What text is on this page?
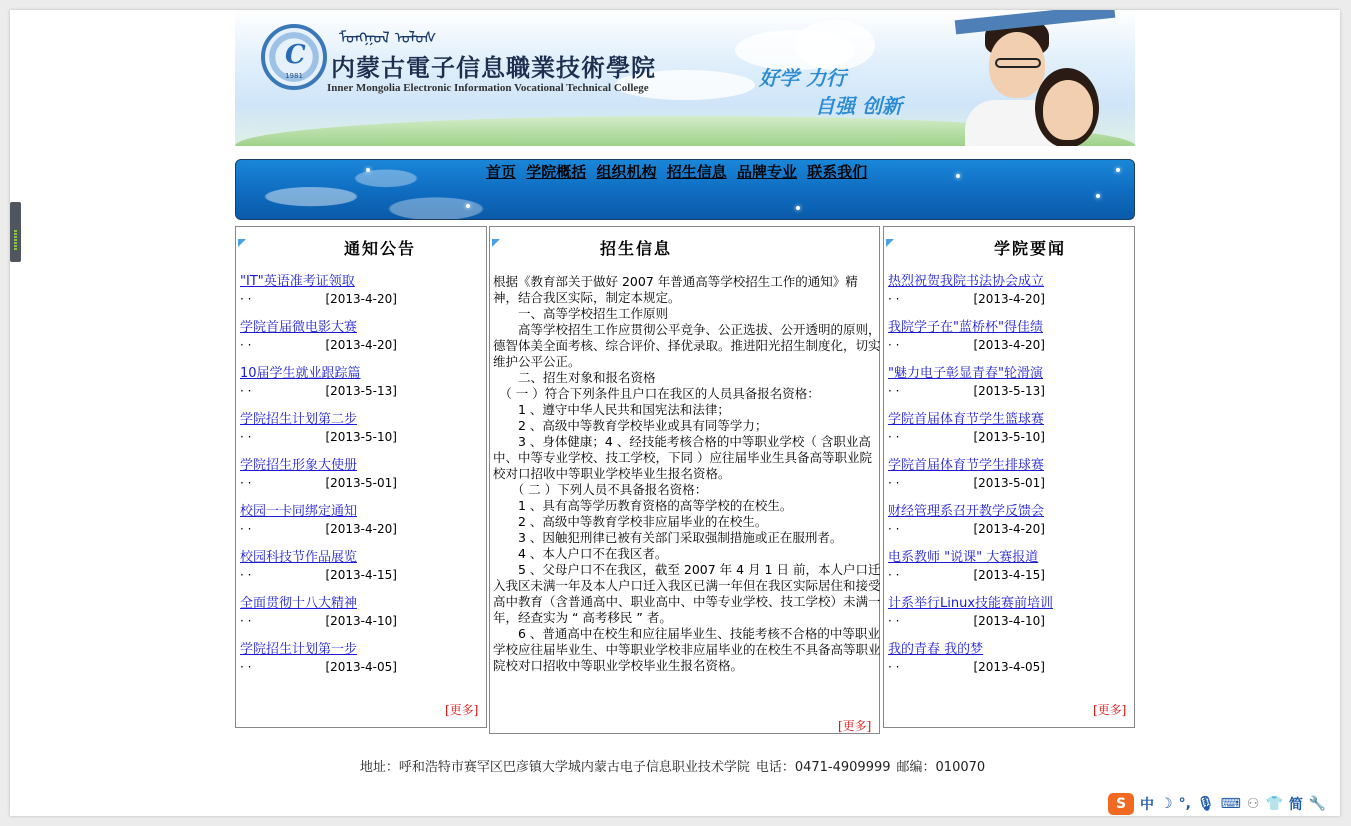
C
1981
ᠮᠣᠩᠭᠣᠯ ᠤᠯᠤᠰ
内蒙古電子信息職業技術學院
Inner Mongolia Electronic Information Vocational Technical College	好学 力行
自强 创新
首页 学院概括 组织机构 招生信息 品牌专业 联系我们
通知公告
"IT"英语准考证领取
· ·	[2013-4-20]
学院首届微电影大赛
· ·	[2013-4-20]
10届学生就业跟踪篇
· ·	[2013-5-13]
学院招生计划第二步
· ·	[2013-5-10]
学院招生形象大使册
· ·	[2013-5-01]
校园一卡同绑定通知
· ·	[2013-4-20]
校园科技节作品展览
· ·	[2013-4-15]
全面贯彻十八大精神
· ·	[2013-4-10]
学院招生计划第一步
· ·	[2013-4-05]
[更多]
招生信息

根据《教育部关于做好 2007 年普通高等学校招生工作的通知》精神，结合我区实际，制定本规定。

　　一、高等学校招生工作原则

　　高等学校招生工作应贯彻公平竞争、公正选拔、公开透明的原则，德智体美全面考核、综合评价、择优录取。推进阳光招生制度化，切实维护公平公正。

　　二、招生对象和报名资格

　（ 一 ）符合下列条件且户口在我区的人员具备报名资格：

　　1 、遵守中华人民共和国宪法和法律；

　　2 、高级中等教育学校毕业或具有同等学力；

　　3 、身体健康；4 、经技能考核合格的中等职业学校（ 含职业高中、中等专业学校、技工学校，下同 ）应往届毕业生具备高等职业院校对口招收中等职业学校毕业生报名资格。

　　（ 二 ）下列人员不具备报名资格：

　　1 、具有高等学历教育资格的高等学校的在校生。

　　2 、高级中等教育学校非应届毕业的在校生。

　　3 、因触犯刑律已被有关部门采取强制措施或正在服刑者。

　　4 、本人户口不在我区者。

　　5 、父母户口不在我区，截至 2007 年 4 月 1 日 前，本人户口迁入我区未满一年及本人户口迁入我区已满一年但在我区实际居住和接受高中教育（含普通高中、职业高中、中等专业学校、技工学校）未满一年，经查实为 “ 高考移民 ” 者。

　　6 、普通高中在校生和应往届毕业生、技能考核不合格的中等职业学校应往届毕业生、中等职业学校非应届毕业的在校生不具备高等职业院校对口招收中等职业学校毕业生报名资格。

[更多]
学院要闻
热烈祝贺我院书法协会成立
· ·	[2013-4-20]
我院学子在"蓝桥杯"得佳绩
· ·	[2013-4-20]
"魅力电子彰显青春"轮滑演
· ·	[2013-5-13]
学院首届体育节学生篮球赛
· ·	[2013-5-10]
学院首届体育节学生排球赛
· ·	[2013-5-01]
财经管理系召开教学反馈会
· ·	[2013-4-20]
电系教师 "说课" 大赛报道
· ·	[2013-4-15]
计系举行Linux技能赛前培训
· ·	[2013-4-10]
我的青春 我的梦
· ·	[2013-4-05]
[更多]
地址：呼和浩特市赛罕区巴彦镇大学城内蒙古电子信息职业技术学院 电话：0471-4909999 邮编：010070
S 中 ☽ °, 🎙 ⌨ ⚇ 👕 简 🔧
